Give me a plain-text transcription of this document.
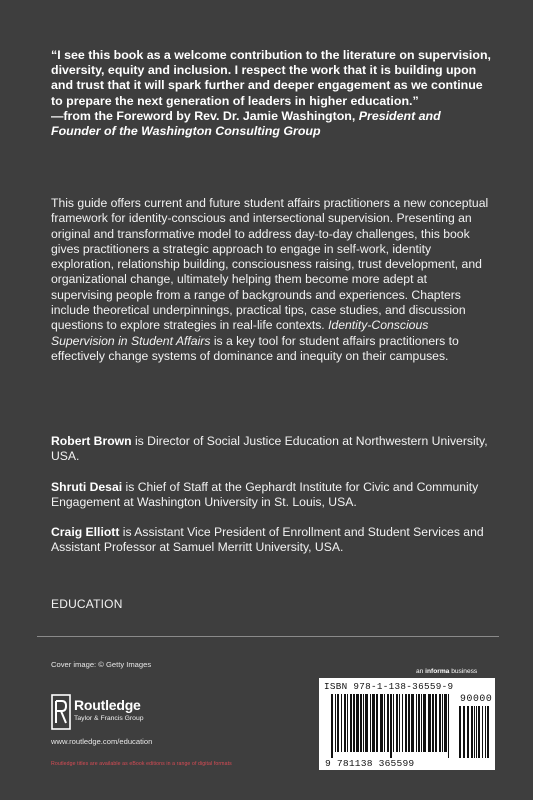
“I see this book as a welcome contribution to the literature on supervision, diversity, equity and inclusion. I respect the work that it is building upon and trust that it will spark further and deeper engagement as we continue to prepare the next generation of leaders in higher education.”

—from the Foreword by Rev. Dr. Jamie Washington, President and Founder of the Washington Consulting Group

This guide offers current and future student affairs practitioners a new conceptual framework for identity-conscious and intersectional supervision. Presenting an original and transformative model to address day-to-day challenges, this book gives practitioners a strategic approach to engage in self-work, identity exploration, relationship building, consciousness raising, trust development, and organizational change, ultimately helping them become more adept at supervising people from a range of backgrounds and experiences. Chapters include theoretical underpinnings, practical tips, case studies, and discussion questions to explore strategies in real-life contexts. Identity-Conscious Supervision in Student Affairs is a key tool for student affairs practitioners to effectively change systems of dominance and inequity on their campuses.

Robert Brown is Director of Social Justice Education at Northwestern University, USA.

Shruti Desai is Chief of Staff at the Gephardt Institute for Civic and Community Engagement at Washington University in St. Louis, USA.

Craig Elliott is Assistant Vice President of Enrollment and Student Services and Assistant Professor at Samuel Merritt University, USA.

EDUCATION
Cover image: © Getty Images
Routledge
Taylor & Francis Group
www.routledge.com/education
Routledge titles are available as eBook editions in a range of digital formats
an informa business
ISBN 978-1-138-36559-9
90000
9 781138 365599
